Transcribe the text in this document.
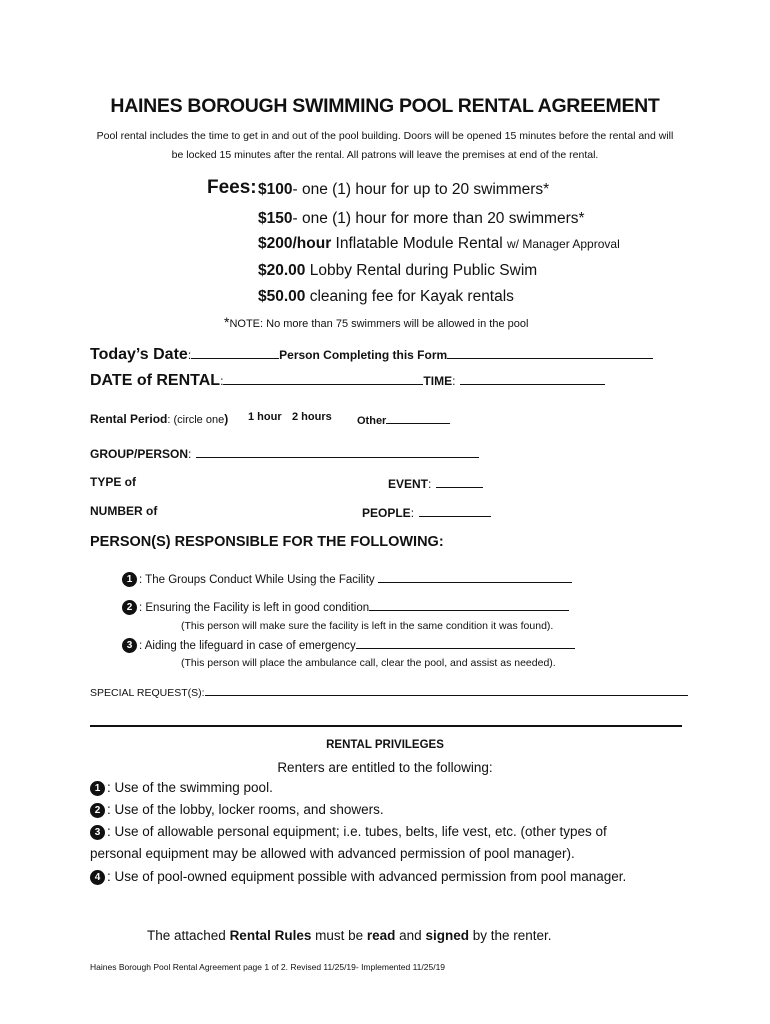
HAINES BOROUGH SWIMMING POOL RENTAL AGREEMENT
Pool rental includes the time to get in and out of the pool building. Doors will be opened 15 minutes before the rental and will be locked 15 minutes after the rental. All patrons will leave the premises at end of the rental.
Fees: $100- one (1) hour for up to 20 swimmers*
$150- one (1) hour for more than 20 swimmers*
$200/hour Inflatable Module Rental w/ Manager Approval
$20.00 Lobby Rental during Public Swim
$50.00 cleaning fee for Kayak rentals
*NOTE: No more than 75 swimmers will be allowed in the pool
Today’s Date:	Person Completing this Form
DATE of RENTAL:	TIME:
Rental Period: (circle one) 1 hour 2 hours Other
GROUP/PERSON:
TYPE of	EVENT:
NUMBER of	PEOPLE:
PERSON(S) RESPONSIBLE FOR THE FOLLOWING:
1 : The Groups Conduct While Using the Facility
2 : Ensuring the Facility is left in good condition
(This person will make sure the facility is left in the same condition it was found).
3 : Aiding the lifeguard in case of emergency
(This person will place the ambulance call, clear the pool, and assist as needed).
SPECIAL REQUEST(S):
RENTAL PRIVILEGES
Renters are entitled to the following:
1 : Use of the swimming pool.
2 : Use of the lobby, locker rooms, and showers.
3 : Use of allowable personal equipment; i.e. tubes, belts, life vest, etc. (other types of
personal equipment may be allowed with advanced permission of pool manager).
4 : Use of pool-owned equipment possible with advanced permission from pool manager.
The attached Rental Rules must be read and signed by the renter.
Haines Borough Pool Rental Agreement page 1 of 2. Revised 11/25/19- Implemented 11/25/19
